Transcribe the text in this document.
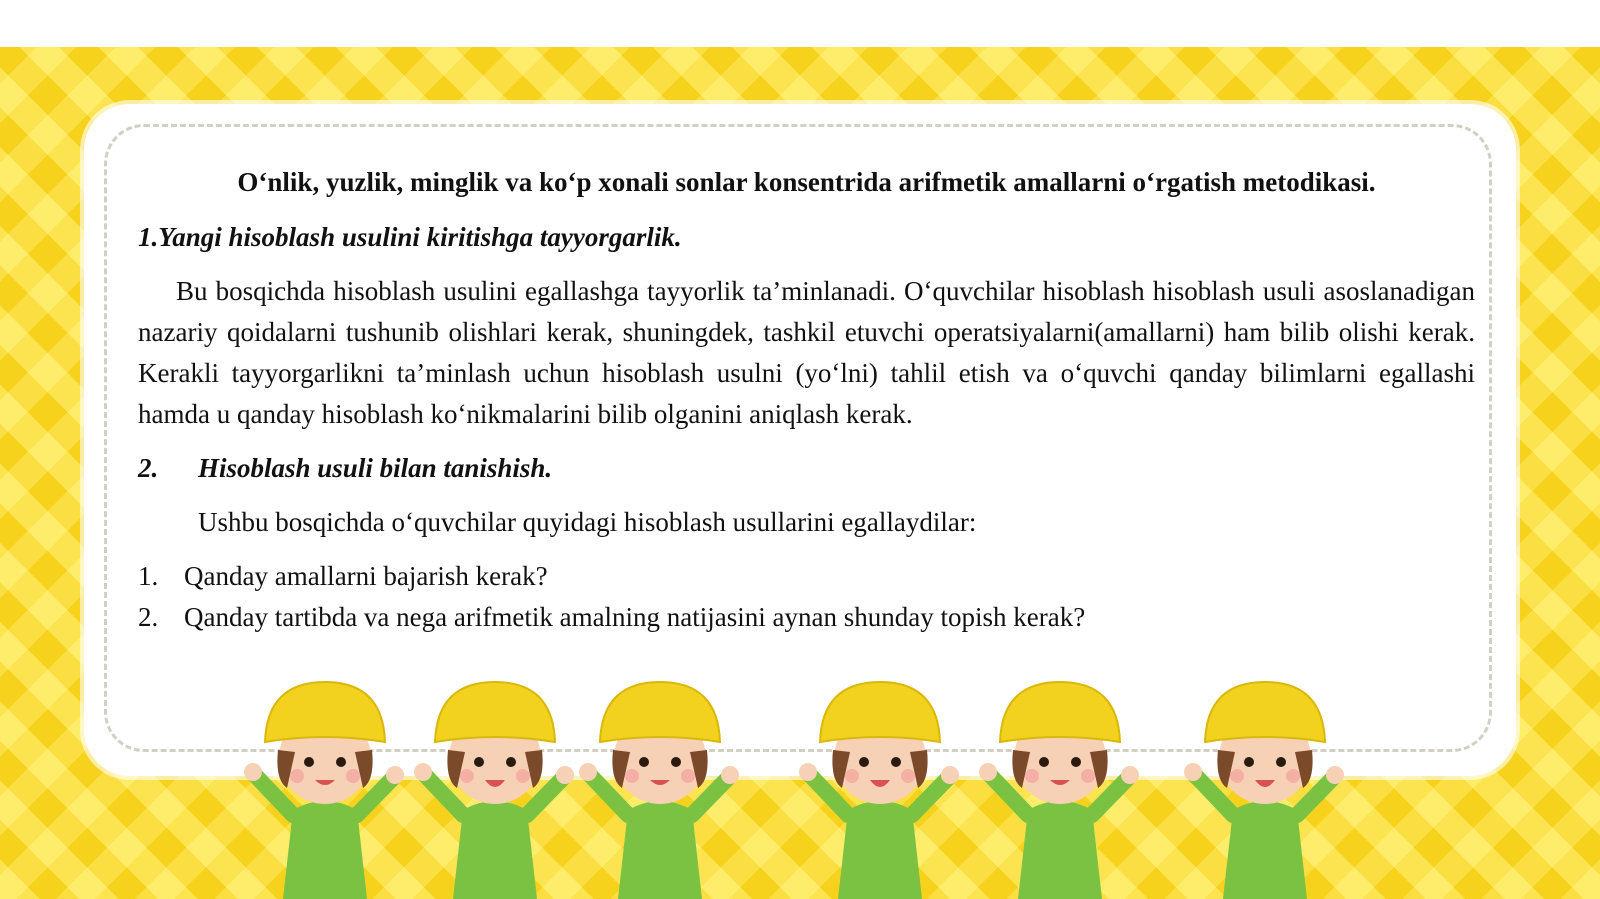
O‘nlik, yuzlik, minglik va ko‘p xonali sonlar konsentrida arifmetik amallarni o‘rgatish metodikasi.
1.Yangi hisoblash usulini kiritishga tayyorgarlik.
Bu bosqichda hisoblash usulini egallashga tayyorlik ta’minlanadi. O‘quvchilar hisoblash hisoblash usuli asoslanadigan nazariy qoidalarni tushunib olishlari kerak, shuningdek, tashkil etuvchi operatsiyalarni(amallarni) ham bilib olishi kerak. Kerakli tayyorgarlikni ta’minlash uchun hisoblash usulni (yo‘lni) tahlil etish va o‘quvchi qanday bilimlarni egallashi hamda u qanday hisoblash ko‘nikmalarini bilib olganini aniqlash kerak.
2. Hisoblash usuli bilan tanishish.
Ushbu bosqichda o‘quvchilar quyidagi hisoblash usullarini egallaydilar:
1. Qanday amallarni bajarish kerak?
2. Qanday tartibda va nega arifmetik amalning natijasini aynan shunday topish kerak?
